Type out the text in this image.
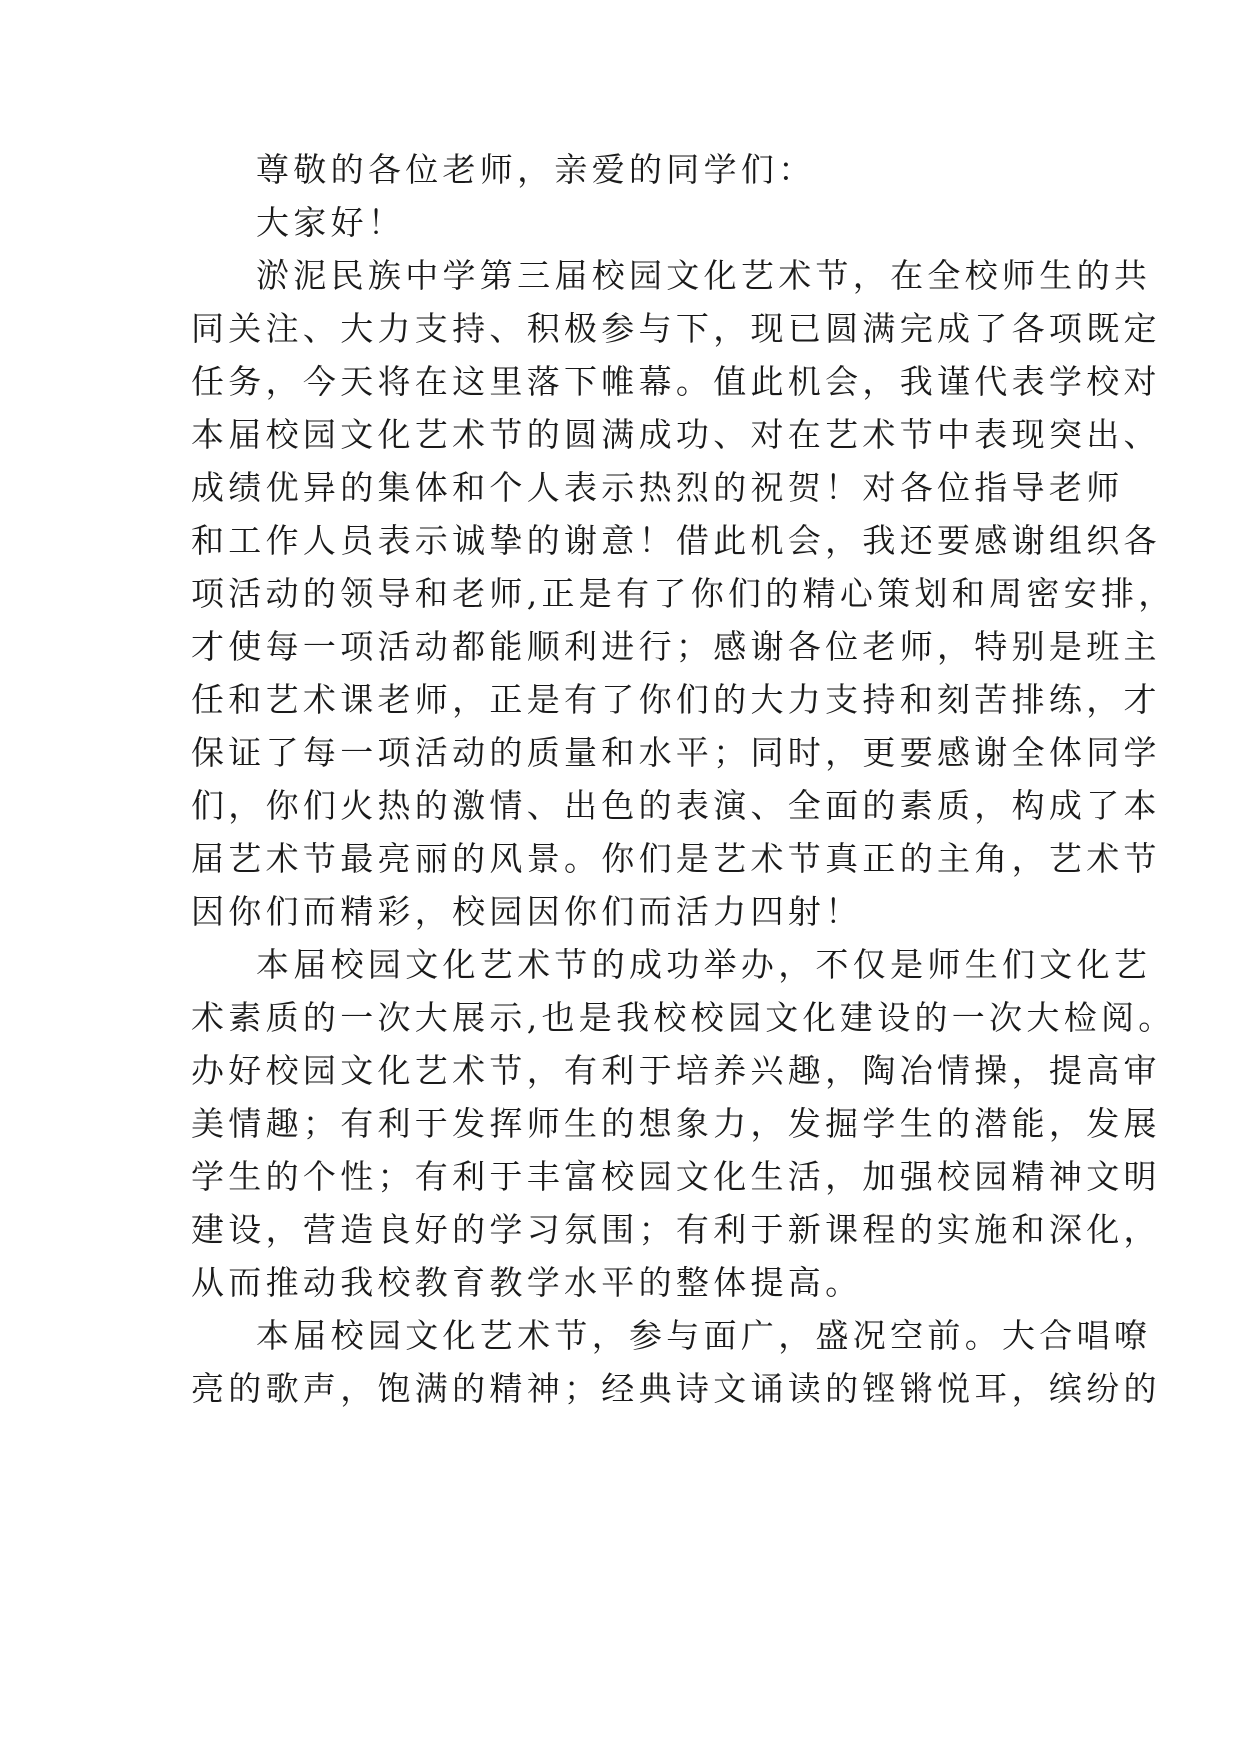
尊敬的各位老师，亲爱的同学们：
大家好！
淤泥民族中学第三届校园文化艺术节，在全校师生的共
同关注、大力支持、积极参与下，现已圆满完成了各项既定
任务，今天将在这里落下帷幕。值此机会，我谨代表学校对
本届校园文化艺术节的圆满成功、对在艺术节中表现突出、
成绩优异的集体和个人表示热烈的祝贺！对各位指导老师
和工作人员表示诚挚的谢意！借此机会，我还要感谢组织各
项活动的领导和老师,正是有了你们的精心策划和周密安排，
才使每一项活动都能顺利进行；感谢各位老师，特别是班主
任和艺术课老师，正是有了你们的大力支持和刻苦排练，才
保证了每一项活动的质量和水平；同时，更要感谢全体同学
们，你们火热的激情、出色的表演、全面的素质，构成了本
届艺术节最亮丽的风景。你们是艺术节真正的主角，艺术节
因你们而精彩，校园因你们而活力四射！
本届校园文化艺术节的成功举办，不仅是师生们文化艺
术素质的一次大展示,也是我校校园文化建设的一次大检阅。
办好校园文化艺术节，有利于培养兴趣，陶冶情操，提高审
美情趣；有利于发挥师生的想象力，发掘学生的潜能，发展
学生的个性；有利于丰富校园文化生活，加强校园精神文明
建设，营造良好的学习氛围；有利于新课程的实施和深化，
从而推动我校教育教学水平的整体提高。
本届校园文化艺术节，参与面广，盛况空前。大合唱嘹
亮的歌声，饱满的精神；经典诗文诵读的铿锵悦耳，缤纷的
